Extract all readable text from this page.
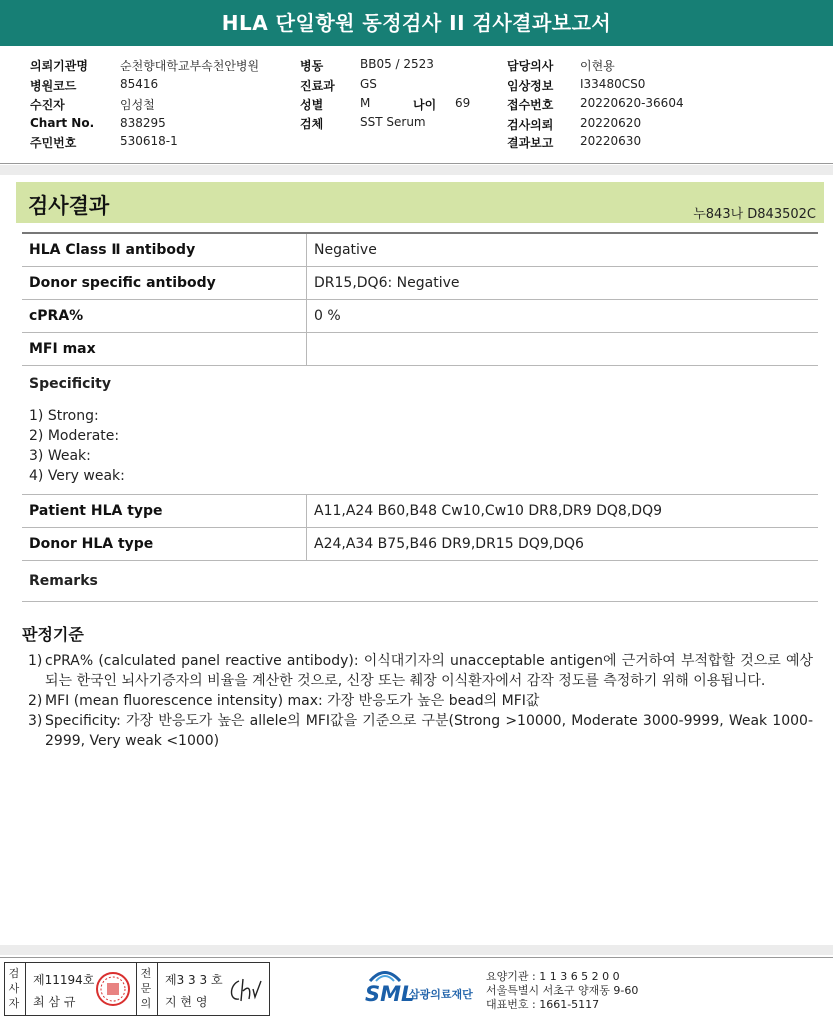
HLA 단일항원 동정검사 II 검사결과보고서
의뢰기관명	순천향대학교부속천안병원
병원코드	85416
수진자	임성철
Chart No. 838295
주민번호	530618-1
병동	BB05 / 2523
진료과 GS
성별	M	나이 69
검체	SST Serum
담당의사 이현용
임상정보 I33480CS0
접수번호 20220620-36604
검사의뢰 20220620
결과보고 20220630
검사결과	누843나 D843502C
HLA Class Ⅱ antibody	Negative
Donor specific antibody	DR15,DQ6: Negative
cPRA%	0 %
MFI max	

Specificity
1) Strong:
2) Moderate:
3) Weak:
4) Very weak:	

Patient HLA type	A11,A24 B60,B48 Cw10,Cw10 DR8,DR9 DQ8,DQ9
Donor HLA type	A24,A34 B75,B46 DR9,DR15 DQ9,DQ6
Remarks	
판정기준
1) cPRA% (calculated panel reactive antibody): 이식대기자의 unacceptable antigen에 근거하여 부적합할 것으로 예상되는 한국인 뇌사기증자의 비율을 계산한 것으로, 신장 또는 췌장 이식환자에서 감작 정도를 측정하기 위해 이용됩니다.
2) MFI (mean fluorescence intensity) max: 가장 반응도가 높은 bead의 MFI값
3) Specificity: 가장 반응도가 높은 allele의 MFI값을 기준으로 구분(Strong >10000, Moderate 3000-9999, Weak 1000-2999, Very weak <1000)
검사자
제11194호
최 삼 규
전문의
제3 3 3 호
지 현 영	SML
삼광의료재단
요양기관 : 1 1 3 6 5 2 0 0
서울특별시 서초구 양재동 9-60
대표번호 : 1661-5117
